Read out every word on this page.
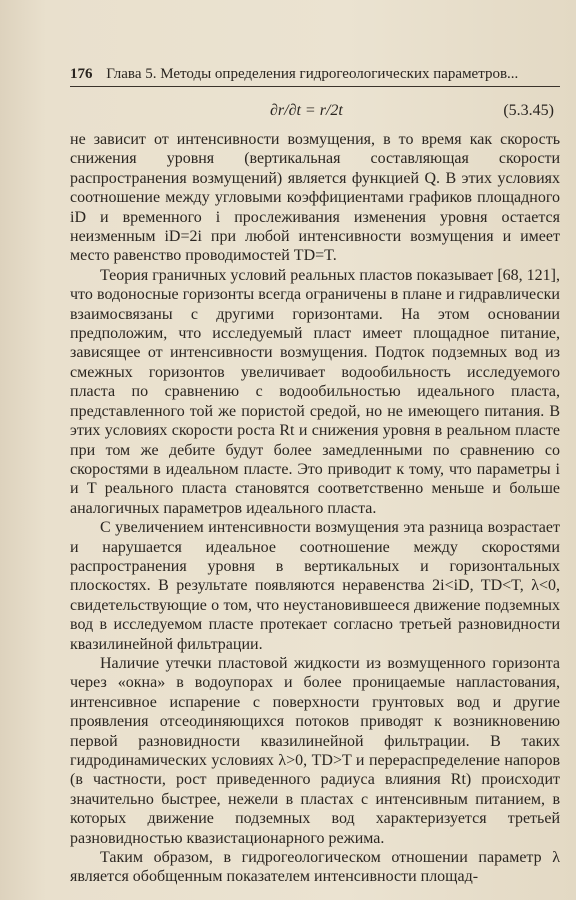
176 Глава 5. Методы определения гидрогеологических параметров...
∂r/∂t = r/2t	(5.3.45)

не зависит от интенсивности возмущения, в то время как скорость снижения уровня (вертикальная составляющая скорости распространения возмущений) является функцией Q. В этих условиях соотношение между угловыми коэффициентами графиков площадного iD и временного i прослеживания изменения уровня остается неизменным iD=2i при любой интенсивности возмущения и имеет место равенство проводимостей TD=T.

Теория граничных условий реальных пластов показывает [68, 121], что водоносные горизонты всегда ограничены в плане и гидравлически взаимосвязаны с другими горизонтами. На этом основании предположим, что исследуемый пласт имеет площадное питание, зависящее от интенсивности возмущения. Подток подземных вод из смежных горизонтов увеличивает водообильность исследуемого пласта по сравнению с водообильностью идеального пласта, представленного той же пористой средой, но не имеющего питания. В этих условиях скорости роста Rt и снижения уровня в реальном пласте при том же дебите будут более замедленными по сравнению со скоростями в идеальном пласте. Это приводит к тому, что параметры i и T реального пласта становятся соответственно меньше и больше аналогичных параметров идеального пласта.

С увеличением интенсивности возмущения эта разница возрастает и нарушается идеальное соотношение между скоростями распространения уровня в вертикальных и горизонтальных плоскостях. В результате появляются неравенства 2i<iD, TD<T, λ<0, свидетельствующие о том, что неустановившееся движение подземных вод в исследуемом пласте протекает согласно третьей разновидности квазилинейной фильтрации.

Наличие утечки пластовой жидкости из возмущенного горизонта через «окна» в водоупорах и более проницаемые напластования, интенсивное испарение с поверхности грунтовых вод и другие проявления отсеодиняющихся потоков приводят к возникновению первой разновидности квазилинейной фильтрации. В таких гидродинамических условиях λ>0, TD>T и перераспределение напоров (в частности, рост приведенного радиуса влияния Rt) происходит значительно быстрее, нежели в пластах с интенсивным питанием, в которых движение подземных вод характеризуется третьей разновидностью квазистационарного режима.

Таким образом, в гидрогеологическом отношении параметр λ является обобщенным показателем интенсивности площад-
